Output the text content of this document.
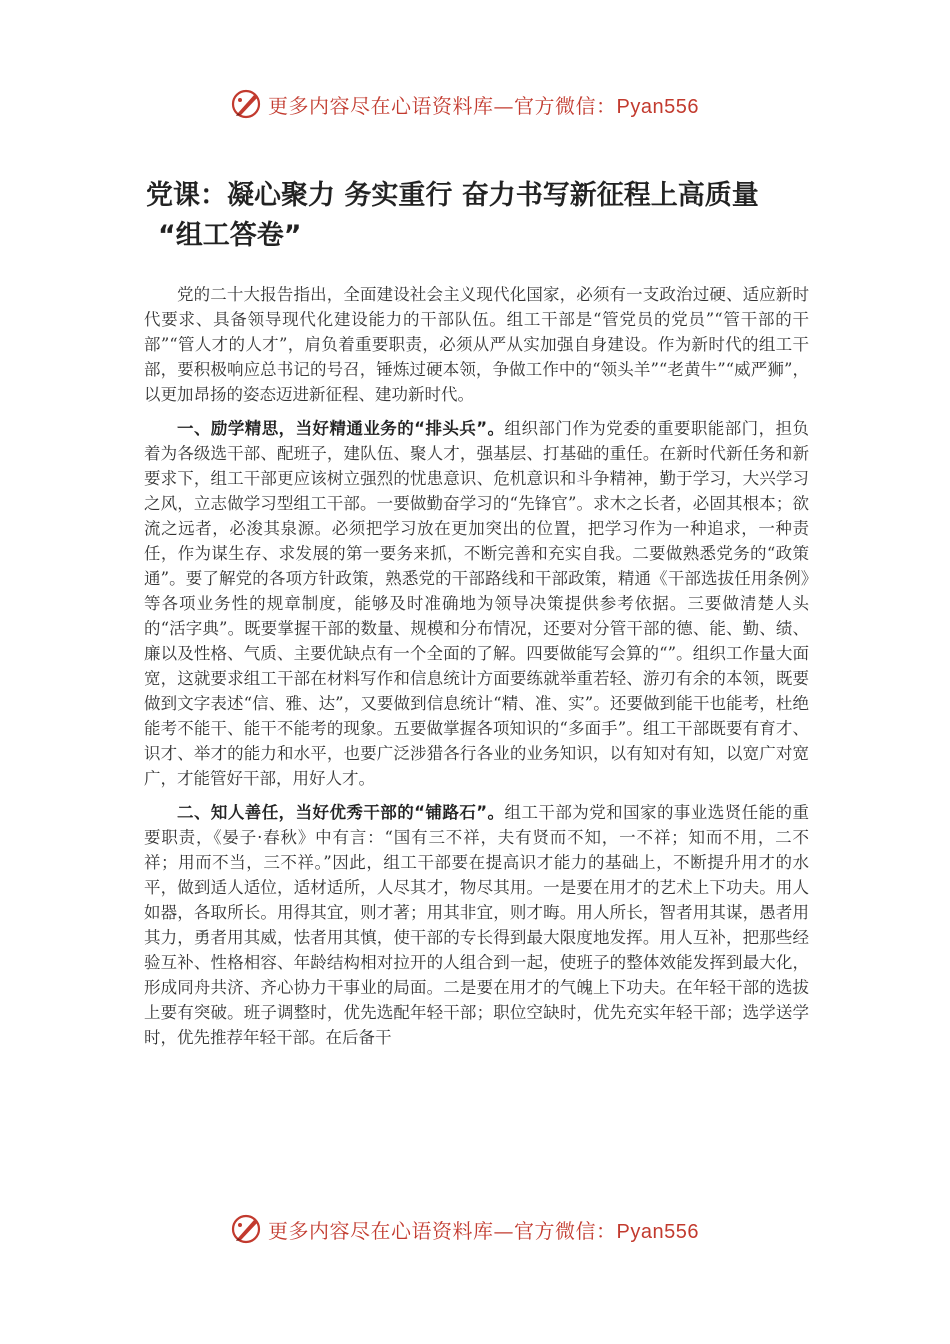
更多内容尽在心语资料库—官方微信：Pyan556
党课：凝心聚力 务实重行 奋力书写新征程上高质量
“组工答卷”

党的二十大报告指出，全面建设社会主义现代化国家，必须有一支政治过硬、适应新时代要求、具备领导现代化建设能力的干部队伍。组工干部是“管党员的党员”“管干部的干部”“管人才的人才”，肩负着重要职责，必须从严从实加强自身建设。作为新时代的组工干部，要积极响应总书记的号召，锤炼过硬本领，争做工作中的“领头羊”“老黄牛”“威严狮”，以更加昂扬的姿态迈进新征程、建功新时代。

一、励学精思，当好精通业务的“排头兵”。组织部门作为党委的重要职能部门，担负着为各级选干部、配班子，建队伍、聚人才，强基层、打基础的重任。在新时代新任务和新要求下，组工干部更应该树立强烈的忧患意识、危机意识和斗争精神，勤于学习，大兴学习之风，立志做学习型组工干部。一要做勤奋学习的“先锋官”。求木之长者，必固其根本；欲流之远者，必浚其泉源。必须把学习放在更加突出的位置，把学习作为一种追求，一种责任，作为谋生存、求发展的第一要务来抓，不断完善和充实自我。二要做熟悉党务的“政策通”。要了解党的各项方针政策，熟悉党的干部路线和干部政策，精通《干部选拔任用条例》等各项业务性的规章制度，能够及时准确地为领导决策提供参考依据。三要做清楚人头的“活字典”。既要掌握干部的数量、规模和分布情况，还要对分管干部的德、能、勤、绩、廉以及性格、气质、主要优缺点有一个全面的了解。四要做能写会算的“”。组织工作量大面宽，这就要求组工干部在材料写作和信息统计方面要练就举重若轻、游刃有余的本领，既要做到文字表述“信、雅、达”，又要做到信息统计“精、准、实”。还要做到能干也能考，杜绝能考不能干、能干不能考的现象。五要做掌握各项知识的“多面手”。组工干部既要有育才、识才、举才的能力和水平，也要广泛涉猎各行各业的业务知识，以有知对有知，以宽广对宽广，才能管好干部，用好人才。

二、知人善任，当好优秀干部的“铺路石”。组工干部为党和国家的事业选贤任能的重要职责，《晏子·春秋》中有言：“国有三不祥，夫有贤而不知，一不祥；知而不用，二不祥；用而不当，三不祥。”因此，组工干部要在提高识才能力的基础上，不断提升用才的水平，做到适人适位，适材适所，人尽其才，物尽其用。一是要在用才的艺术上下功夫。用人如器，各取所长。用得其宜，则才著；用其非宜，则才晦。用人所长，智者用其谋，愚者用其力，勇者用其威，怯者用其慎，使干部的专长得到最大限度地发挥。用人互补，把那些经验互补、性格相容、年龄结构相对拉开的人组合到一起，使班子的整体效能发挥到最大化，形成同舟共济、齐心协力干事业的局面。二是要在用才的气魄上下功夫。在年轻干部的选拔上要有突破。班子调整时，优先选配年轻干部；职位空缺时，优先充实年轻干部；选学送学时，优先推荐年轻干部。在后备干

更多内容尽在心语资料库—官方微信：Pyan556
